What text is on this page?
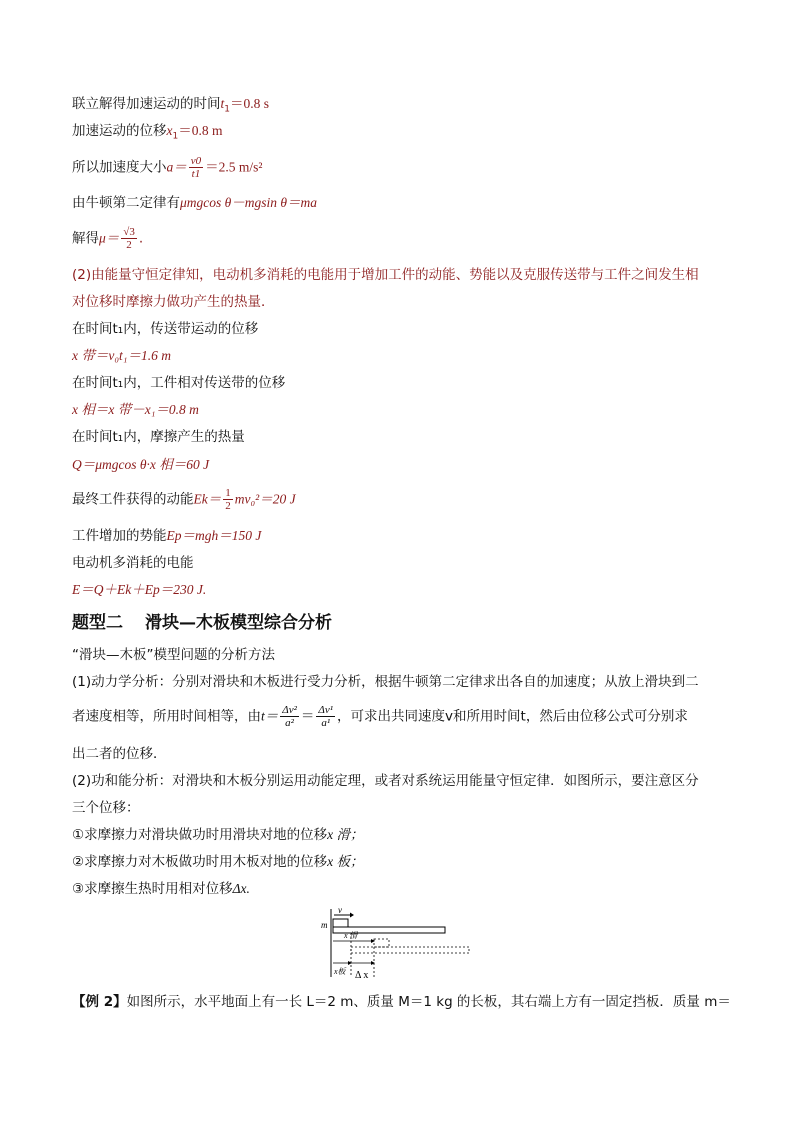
联立解得加速运动的时间$t_1=0.8$ s
加速运动的位移$x_1=0.8$ m
所以加速度大小$a= \frac{v0}{t1} =2.5$ m/s²
由牛顿第二定律有μmgcos θ－mgsin θ＝ma
解得$\mu= \frac{√3}{2}$ .
(2)由能量守恒定律知，电动机多消耗的电能用于增加工件的动能、势能以及克服传送带与工件之间发生相
对位移时摩擦力做功产生的热量．
在时间t₁内，传送带运动的位移
x 带＝v₀t₁＝1.6 m
在时间t₁内，工件相对传送带的位移
x 相＝x 带－x₁＝0.8 m
在时间t₁内，摩擦产生的热量
Q＝μmgcos θ·x 相＝60 J
最终工件获得的动能$Ek= \frac{1}{2} mv_0^2=20$ J
工件增加的势能Ep＝mgh＝150 J
电动机多消耗的电能
E＝Q＋Ek＋Ep＝230 J.
题型二 滑块—木板模型综合分析
“滑块—木板”模型问题的分析方法
(1)动力学分析：分别对滑块和木板进行受力分析，根据牛顿第二定律求出各自的加速度；从放上滑块到二
者速度相等，所用时间相等，由$t= \frac{\text{Δv²}}{\text{a²}} = \frac{\text{Δv¹}}{\text{a¹}}$ ，可求出共同速度v和所用时间t，然后由位移公式可分别求
出二者的位移．
(2)功和能分析：对滑块和木板分别运用动能定理，或者对系统运用能量守恒定律．如图所示，要注意区分
三个位移：
①求摩擦力对滑块做功时用滑块对地的位移x 滑；
②求摩擦力对木板做功时用木板对地的位移x 板；
③求摩擦生热时用相对位移Δx.
v
m
x 滑
x板 Δ x
【例 2】如图所示，水平地面上有一长 L＝2 m、质量 M＝1 kg 的长板，其右端上方有一固定挡板．质量 m＝
